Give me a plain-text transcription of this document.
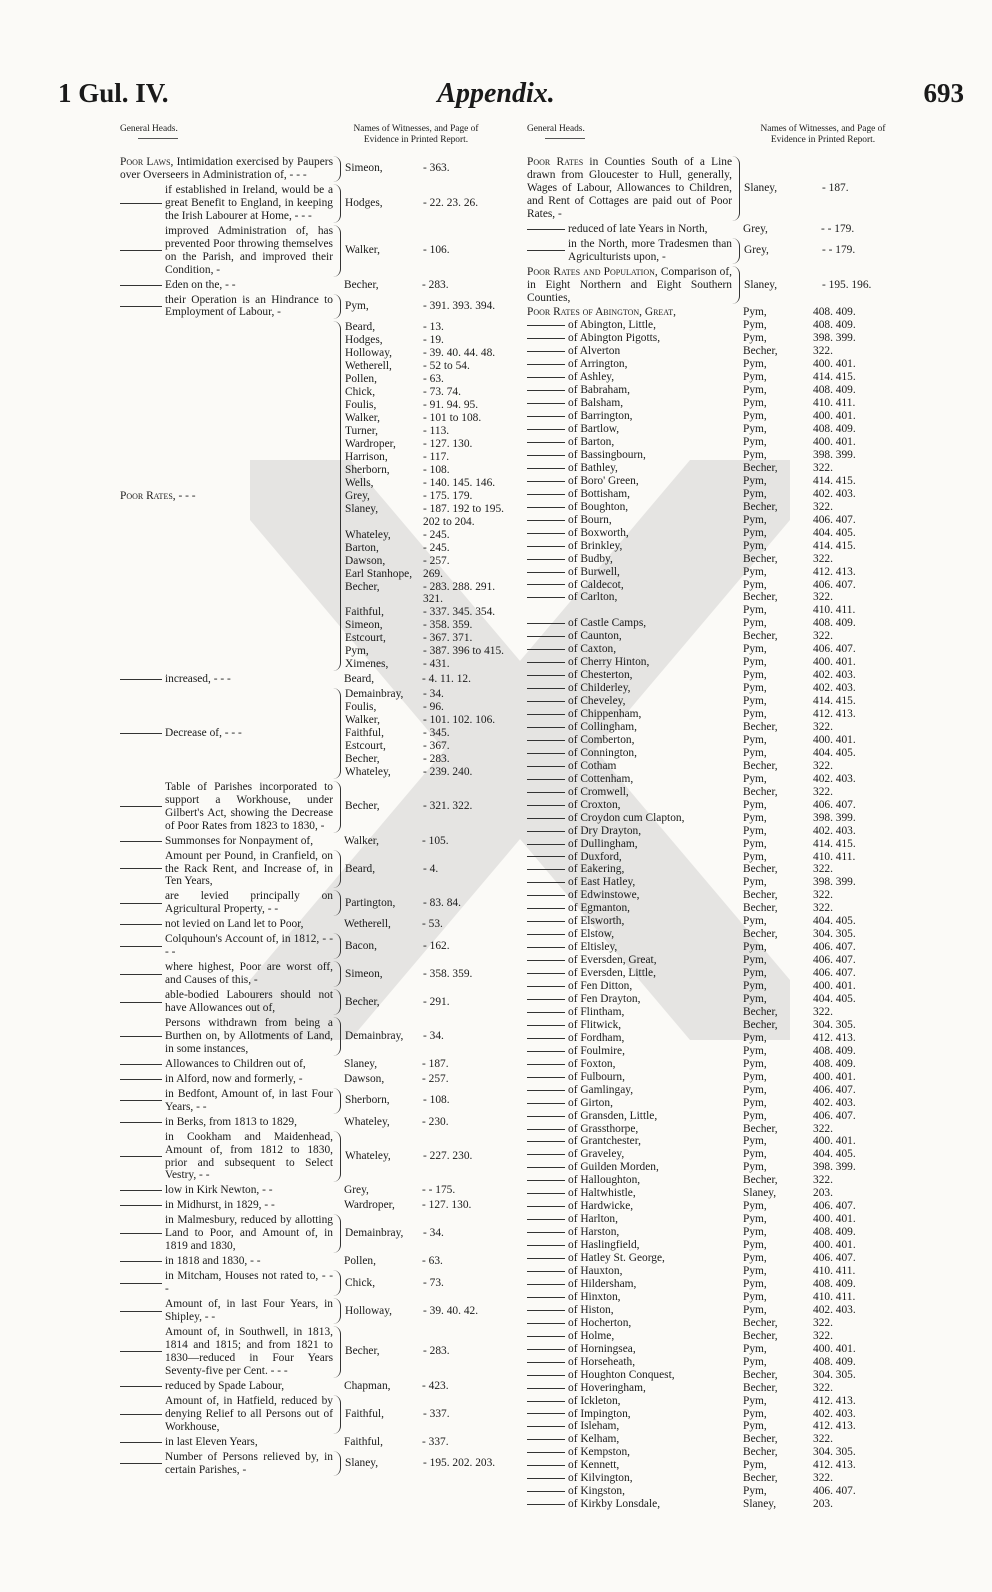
1 Gul. IV.	Appendix.	693
General Heads.	Names of Witnesses, and Page of Evidence in Printed Report.
Poor Laws, Intimidation exercised by Paupers over Overseers in Administration of, - - -
Simeon,	- 363.
if established in Ireland, would be a great Benefit to England, in keeping the Irish Labourer at Home, - - -
Hodges,	- 22. 23. 26.
improved Administration of, has prevented Poor throwing themselves on the Parish, and improved their Condition, -
Walker,	- 106.
Eden on the, - -	Becher,	- 283.
their Operation is an Hindrance to Employment of Labour, -
Pym,	- 391. 393. 394.
Poor Rates, - - -
Beard,	- 13.
Hodges,	- 19.
Holloway,	- 39. 40. 44. 48.
Wetherell,	- 52 to 54.
Pollen,	- 63.
Chick,	- 73. 74.
Foulis,	- 91. 94. 95.
Walker,	- 101 to 108.
Turner,	- 113.
Wardroper,	- 127. 130.
Harrison,	- 117.
Sherborn,	- 108.
Wells,	- 140. 145. 146.
Grey,	- 175. 179.
Slaney,	- 187. 192 to 195.
202 to 204.
Whateley,	- 245.
Barton,	- 245.
Dawson,	- 257.
Earl Stanhope, 269.
Becher,	- 283. 288. 291.
321.
Faithful,	- 337. 345. 354.
Simeon,	- 358. 359.
Estcourt,	- 367. 371.
Pym,	- 387. 396 to 415.
Ximenes,	- 431.
increased, - - -	Beard,	- 4. 11. 12.
Decrease of, - - -
Demainbray,	- 34.
Foulis,	- 96.
Walker,	- 101. 102. 106.
Faithful,	- 345.
Estcourt,	- 367.
Becher,	- 283.
Whateley,	- 239. 240.
Table of Parishes incorporated to support a Workhouse, under Gilbert's Act, showing the Decrease of Poor Rates from 1823 to 1830, -
Becher,	- 321. 322.
Summonses for Nonpayment of,	Walker,	- 105.
Amount per Pound, in Cranfield, on the Rack Rent, and Increase of, in Ten Years,
Beard,	- 4.
are levied principally on Agricultural Property, - -
Partington,	- 83. 84.
not levied on Land let to Poor,	Wetherell,	- 53.
Colquhoun's Account of, in 1812, - - - -
Bacon,	- 162.
where highest, Poor are worst off, and Causes of this, -
Simeon,	- 358. 359.
able-bodied Labourers should not have Allowances out of,
Becher,	- 291.
Persons withdrawn from being a Burthen on, by Allotments of Land, in some instances,
Demainbray,	- 34.
Allowances to Children out of,	Slaney,	- 187.
in Alford, now and formerly, -	Dawson,	- 257.
in Bedfont, Amount of, in last Four Years, - -
Sherborn,	- 108.
in Berks, from 1813 to 1829,	Whateley,	- 230.
in Cookham and Maidenhead, Amount of, from 1812 to 1830, prior and subsequent to Select Vestry, - -
Whateley,	- 227. 230.
low in Kirk Newton, - -	Grey,	- - 175.
in Midhurst, in 1829, - -	Wardroper,	- 127. 130.
in Malmesbury, reduced by allotting Land to Poor, and Amount of, in 1819 and 1830,
Demainbray,	- 34.
in 1818 and 1830, - -	Pollen,	- 63.
in Mitcham, Houses not rated to, - - -
Chick,	- 73.
Amount of, in last Four Years, in Shipley, - -
Holloway,	- 39. 40. 42.
Amount of, in Southwell, in 1813, 1814 and 1815; and from 1821 to 1830—reduced in Four Years Seventy-five per Cent. - - -
Becher,	- 283.
reduced by Spade Labour,	Chapman,	- 423.
Amount of, in Hatfield, reduced by denying Relief to all Persons out of Workhouse,
Faithful,	- 337.
in last Eleven Years,	Faithful,	- 337.
Number of Persons relieved by, in certain Parishes, -
Slaney,	- 195. 202. 203.
General Heads.	Names of Witnesses, and Page of Evidence in Printed Report.
Poor Rates in Counties South of a Line drawn from Gloucester to Hull, generally, Wages of Labour, Allowances to Children, and Rent of Cottages are paid out of Poor Rates, -
Slaney,	- 187.
reduced of late Years in North,	Grey,	- - 179.
in the North, more Tradesmen than Agriculturists upon, -
Grey,	- - 179.
Poor Rates and Population, Comparison of, in Eight Northern and Eight Southern Counties,
Slaney,	- 195. 196.
Poor Rates of Abington, Great,	Pym,	408. 409.
of Abington, Little,	Pym,	408. 409.
of Abington Pigotts,	Pym,	398. 399.
of Alverton	Becher,	322.
of Arrington,	Pym,	400. 401.
of Ashley,	Pym,	414. 415.
of Babraham,	Pym,	408. 409.
of Balsham,	Pym,	410. 411.
of Barrington,	Pym,	400. 401.
of Bartlow,	Pym,	408. 409.
of Barton,	Pym,	400. 401.
of Bassingbourn,	Pym,	398. 399.
of Bathley,	Becher,	322.
of Boro' Green,	Pym,	414. 415.
of Bottisham,	Pym,	402. 403.
of Boughton,	Becher,	322.
of Bourn,	Pym,	406. 407.
of Boxworth,	Pym,	404. 405.
of Brinkley,	Pym,	414. 415.
of Budby,	Becher,	322.
of Burwell,	Pym,	412. 413.
of Caldecot,	Pym,	406. 407.
of Carlton,	Becher,	322.
Pym,	410. 411.
of Castle Camps,	Pym,	408. 409.
of Caunton,	Becher,	322.
of Caxton,	Pym,	406. 407.
of Cherry Hinton,	Pym,	400. 401.
of Chesterton,	Pym,	402. 403.
of Childerley,	Pym,	402. 403.
of Cheveley,	Pym,	414. 415.
of Chippenham,	Pym,	412. 413.
of Collingham,	Becher,	322.
of Comberton,	Pym,	400. 401.
of Connington,	Pym,	404. 405.
of Cotham	Becher,	322.
of Cottenham,	Pym,	402. 403.
of Cromwell,	Becher,	322.
of Croxton,	Pym,	406. 407.
of Croydon cum Clapton,	Pym,	398. 399.
of Dry Drayton,	Pym,	402. 403.
of Dullingham,	Pym,	414. 415.
of Duxford,	Pym,	410. 411.
of Eakering,	Becher,	322.
of East Hatley,	Pym,	398. 399.
of Edwinstowe,	Becher,	322.
of Egmanton,	Becher,	322.
of Elsworth,	Pym,	404. 405.
of Elstow,	Becher,	304. 305.
of Eltisley,	Pym,	406. 407.
of Eversden, Great,	Pym,	406. 407.
of Eversden, Little,	Pym,	406. 407.
of Fen Ditton,	Pym,	400. 401.
of Fen Drayton,	Pym,	404. 405.
of Flintham,	Becher,	322.
of Flitwick,	Becher,	304. 305.
of Fordham,	Pym,	412. 413.
of Foulmire,	Pym,	408. 409.
of Foxton,	Pym,	408. 409.
of Fulbourn,	Pym,	400. 401.
of Gamlingay,	Pym,	406. 407.
of Girton,	Pym,	402. 403.
of Gransden, Little,	Pym,	406. 407.
of Grassthorpe,	Becher,	322.
of Grantchester,	Pym,	400. 401.
of Graveley,	Pym,	404. 405.
of Guilden Morden,	Pym,	398. 399.
of Halloughton,	Becher,	322.
of Haltwhistle,	Slaney,	203.
of Hardwicke,	Pym,	406. 407.
of Harlton,	Pym,	400. 401.
of Harston,	Pym,	408. 409.
of Haslingfield,	Pym,	400. 401.
of Hatley St. George,	Pym,	406. 407.
of Hauxton,	Pym,	410. 411.
of Hildersham,	Pym,	408. 409.
of Hinxton,	Pym,	410. 411.
of Histon,	Pym,	402. 403.
of Hocherton,	Becher,	322.
of Holme,	Becher,	322.
of Horningsea,	Pym,	400. 401.
of Horseheath,	Pym,	408. 409.
of Houghton Conquest,	Becher,	304. 305.
of Hoveringham,	Becher,	322.
of Ickleton,	Pym,	412. 413.
of Impington,	Pym,	402. 403.
of Isleham,	Pym,	412. 413.
of Kelham,	Becher,	322.
of Kempston,	Becher,	304. 305.
of Kennett,	Pym,	412. 413.
of Kilvington,	Becher,	322.
of Kingston,	Pym,	406. 407.
of Kirkby Lonsdale,	Slaney,	203.
